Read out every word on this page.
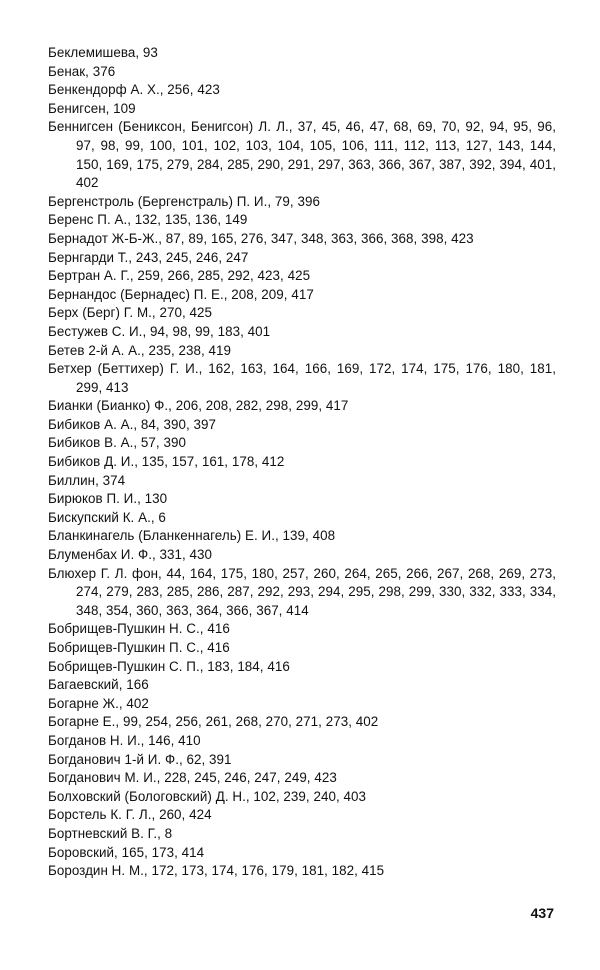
Беклемишева, 93
Бенак, 376
Бенкендорф А. Х., 256, 423
Бенигсен, 109
Беннигсен (Бениксон, Бенигсон) Л. Л., 37, 45, 46, 47, 68, 69, 70, 92, 94, 95, 96, 97, 98, 99, 100, 101, 102, 103, 104, 105, 106, 111, 112, 113, 127, 143, 144, 150, 169, 175, 279, 284, 285, 290, 291, 297, 363, 366, 367, 387, 392, 394, 401, 402
Бергенстроль (Бергенстраль) П. И., 79, 396
Беренс П. А., 132, 135, 136, 149
Бернадот Ж-Б-Ж., 87, 89, 165, 276, 347, 348, 363, 366, 368, 398, 423
Бернгарди Т., 243, 245, 246, 247
Бертран А. Г., 259, 266, 285, 292, 423, 425
Бернандос (Бернадес) П. Е., 208, 209, 417
Берх (Берг) Г. М., 270, 425
Бестужев С. И., 94, 98, 99, 183, 401
Бетев 2-й А. А., 235, 238, 419
Бетхер (Беттихер) Г. И., 162, 163, 164, 166, 169, 172, 174, 175, 176, 180, 181, 299, 413
Бианки (Бианко) Ф., 206, 208, 282, 298, 299, 417
Бибиков А. А., 84, 390, 397
Бибиков В. А., 57, 390
Бибиков Д. И., 135, 157, 161, 178, 412
Биллин, 374
Бирюков П. И., 130
Бискупский К. А., 6
Бланкинагель (Бланкеннагель) Е. И., 139, 408
Блуменбах И. Ф., 331, 430
Блюхер Г. Л. фон, 44, 164, 175, 180, 257, 260, 264, 265, 266, 267, 268, 269, 273, 274, 279, 283, 285, 286, 287, 292, 293, 294, 295, 298, 299, 330, 332, 333, 334, 348, 354, 360, 363, 364, 366, 367, 414
Бобрищев-Пушкин Н. С., 416
Бобрищев-Пушкин П. С., 416
Бобрищев-Пушкин С. П., 183, 184, 416
Багаевский, 166
Богарне Ж., 402
Богарне Е., 99, 254, 256, 261, 268, 270, 271, 273, 402
Богданов Н. И., 146, 410
Богданович 1-й И. Ф., 62, 391
Богданович М. И., 228, 245, 246, 247, 249, 423
Болховский (Бологовский) Д. Н., 102, 239, 240, 403
Борстель К. Г. Л., 260, 424
Бортневский В. Г., 8
Боровский, 165, 173, 414
Бороздин Н. М., 172, 173, 174, 176, 179, 181, 182, 415
437
